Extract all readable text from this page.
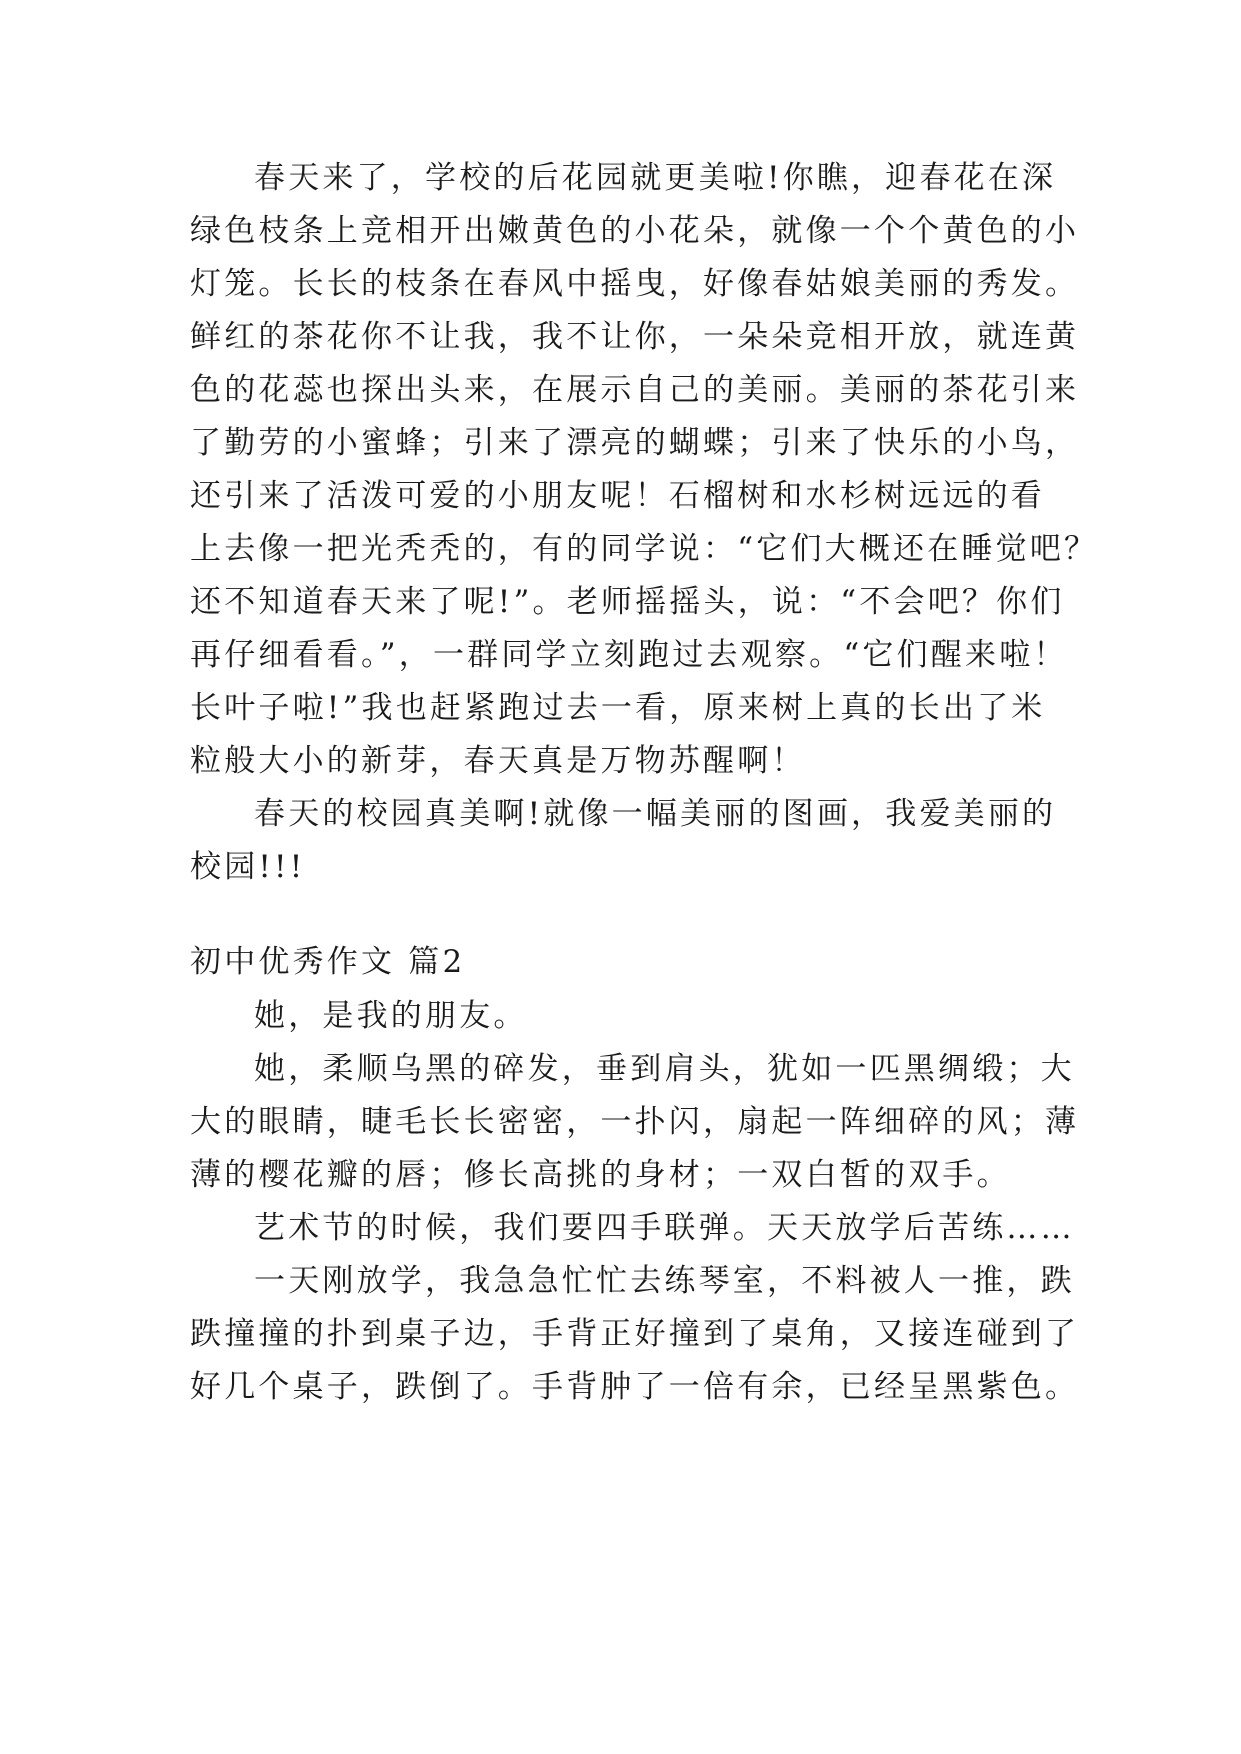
春天来了，学校的后花园就更美啦!你瞧，迎春花在深
绿色枝条上竞相开出嫩黄色的小花朵，就像一个个黄色的小
灯笼。长长的枝条在春风中摇曳，好像春姑娘美丽的秀发。
鲜红的茶花你不让我，我不让你，一朵朵竞相开放，就连黄
色的花蕊也探出头来，在展示自己的美丽。美丽的茶花引来
了勤劳的小蜜蜂；引来了漂亮的蝴蝶；引来了快乐的小鸟，
还引来了活泼可爱的小朋友呢！石榴树和水杉树远远的看
上去像一把光秃秃的，有的同学说：“它们大概还在睡觉吧？
还不知道春天来了呢!”。老师摇摇头，说：“不会吧？你们
再仔细看看。”，一群同学立刻跑过去观察。“它们醒来啦！
长叶子啦!”我也赶紧跑过去一看，原来树上真的长出了米
粒般大小的新芽，春天真是万物苏醒啊！
春天的校园真美啊!就像一幅美丽的图画，我爱美丽的
校园!!!
初中优秀作文 篇2
她，是我的朋友。
她，柔顺乌黑的碎发，垂到肩头，犹如一匹黑绸缎；大
大的眼睛，睫毛长长密密，一扑闪，扇起一阵细碎的风；薄
薄的樱花瓣的唇；修长高挑的身材；一双白皙的双手。
艺术节的时候，我们要四手联弹。天天放学后苦练……
一天刚放学，我急急忙忙去练琴室，不料被人一推，跌
跌撞撞的扑到桌子边，手背正好撞到了桌角，又接连碰到了
好几个桌子，跌倒了。手背肿了一倍有余，已经呈黑紫色。
